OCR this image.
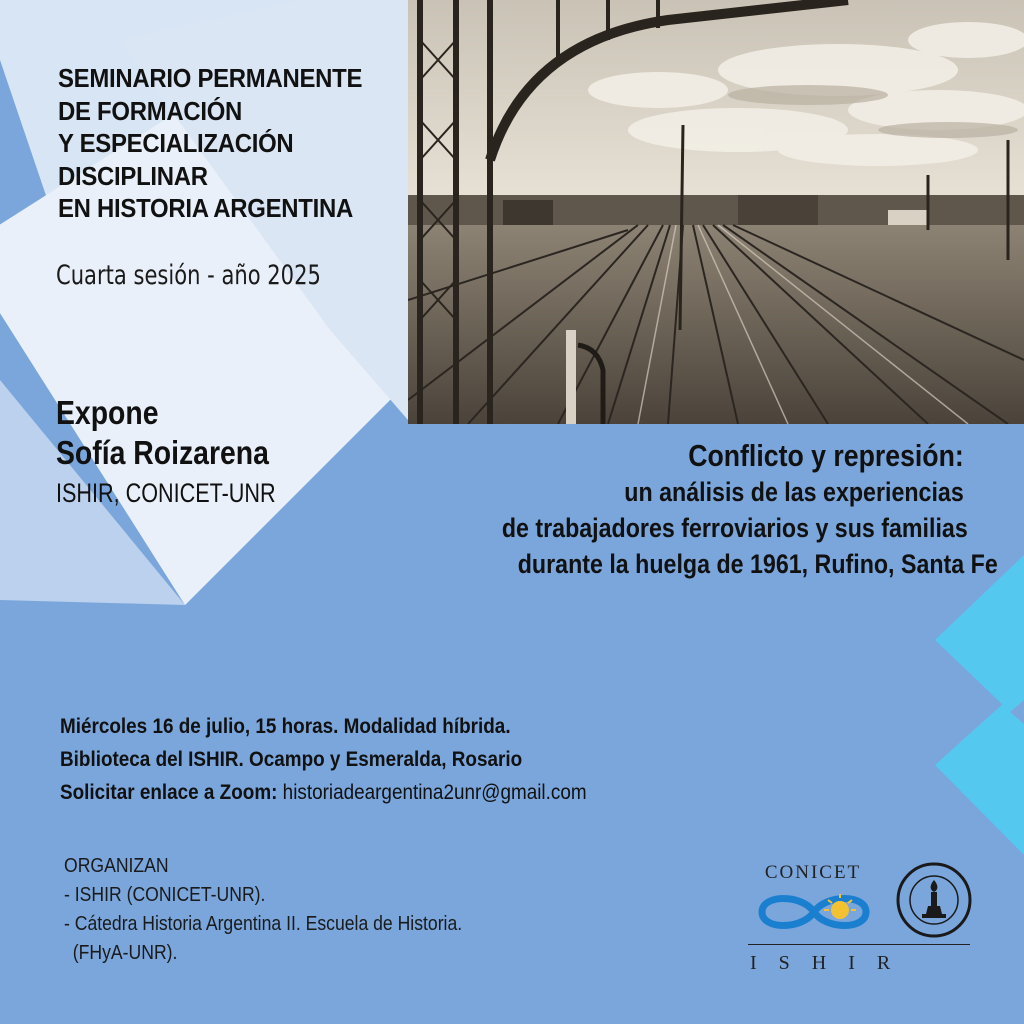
SEMINARIO PERMANENTE
DE FORMACIÓN
Y ESPECIALIZACIÓN
DISCIPLINAR
EN HISTORIA ARGENTINA
Cuarta sesión - año 2025
Expone
Sofía Roizarena
ISHIR, CONICET-UNR
Conflicto y represión:
un análisis de las experiencias
de trabajadores ferroviarios y sus familias
durante la huelga de 1961, Rufino, Santa Fe
Miércoles 16 de julio, 15 horas. Modalidad híbrida.
Biblioteca del ISHIR. Ocampo y Esmeralda, Rosario
Solicitar enlace a Zoom: historiadeargentina2unr@gmail.com
ORGANIZAN
- ISHIR (CONICET-UNR).
- Cátedra Historia Argentina II. Escuela de Historia.
(FHyA-UNR).
CONICET
ISHIR
